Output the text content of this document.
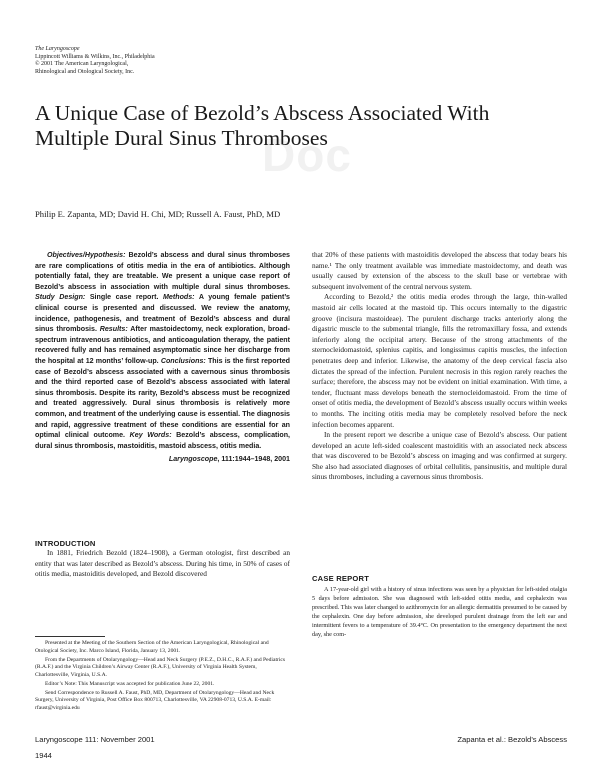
The Laryngoscope
Lippincott Williams & Wilkins, Inc., Philadelphia
© 2001 The American Laryngological,
Rhinological and Otological Society, Inc.
Doc
A Unique Case of Bezold’s Abscess Associated With Multiple Dural Sinus Thromboses
Philip E. Zapanta, MD; David H. Chi, MD; Russell A. Faust, PhD, MD

Objectives/Hypothesis: Bezold’s abscess and dural sinus thromboses are rare complications of otitis media in the era of antibiotics. Although potentially fatal, they are treatable. We present a unique case report of Bezold’s abscess in association with multiple dural sinus thromboses. Study Design: Single case report. Methods: A young female patient’s clinical course is presented and discussed. We review the anatomy, incidence, pathogenesis, and treatment of Bezold’s abscess and dural sinus thrombosis. Results: After mastoidectomy, neck exploration, broad-spectrum intravenous antibiotics, and anticoagulation therapy, the patient recovered fully and has remained asymptomatic since her discharge from the hospital at 12 months’ follow-up. Conclusions: This is the first reported case of Bezold’s abscess associated with a cavernous sinus thrombosis and the third reported case of Bezold’s abscess associated with lateral sinus thrombosis. Despite its rarity, Bezold’s abscess must be recognized and treated aggressively. Dural sinus thrombosis is relatively more common, and treatment of the underlying cause is essential. The diagnosis and rapid, aggressive treatment of these conditions are essential for an optimal clinical outcome. Key Words: Bezold’s abscess, complication, dural sinus thrombosis, mastoiditis, mastoid abscess, otitis media.

Laryngoscope, 111:1944–1948, 2001
INTRODUCTION

In 1881, Friedrich Bezold (1824–1908), a German otologist, first described an entity that was later described as Bezold’s abscess. During his time, in 50% of cases of otitis media, mastoiditis developed, and Bezold discovered

Presented at the Meeting of the Southern Section of the American Laryngological, Rhinological and Otological Society, Inc. Marco Island, Florida, January 13, 2001.

From the Departments of Otolaryngology—Head and Neck Surgery (P.E.Z., D.H.C., R.A.F.) and Pediatrics (R.A.F.) and the Virginia Children’s Airway Center (R.A.F.), University of Virginia Health System, Charlottesville, Virginia, U.S.A.

Editor’s Note: This Manuscript was accepted for publication June 22, 2001.

Send Correspondence to Russell A. Faust, PhD, MD, Department of Otolaryngology—Head and Neck Surgery, University of Virginia, Post Office Box 800713, Charlottesville, VA 22908-0713, U.S.A. E-mail: rfaust@virginia.edu

that 20% of these patients with mastoiditis developed the abscess that today bears his name.¹ The only treatment available was immediate mastoidectomy, and death was usually caused by extension of the abscess to the skull base or vertebrae with subsequent involvement of the central nervous system.

According to Bezold,² the otitis media erodes through the large, thin-walled mastoid air cells located at the mastoid tip. This occurs internally to the digastric groove (incisura mastoideae). The purulent discharge tracks anteriorly along the digastric muscle to the submental triangle, fills the retromaxillary fossa, and extends inferiorly along the occipital artery. Because of the strong attachments of the sternocleidomastoid, splenius capitis, and longissimus capitis muscles, the infection penetrates deep and inferior. Likewise, the anatomy of the deep cervical fascia also dictates the spread of the infection. Purulent necrosis in this region rarely reaches the surface; therefore, the abscess may not be evident on initial examination. With time, a tender, fluctuant mass develops beneath the sternocleidomastoid. From the time of onset of otitis media, the development of Bezold’s abscess usually occurs within weeks to months. The inciting otitis media may be completely resolved before the neck infection becomes apparent.

In the present report we describe a unique case of Bezold’s abscess. Our patient developed an acute left-sided coalescent mastoiditis with an associated neck abscess that was discovered to be Bezold’s abscess on imaging and was confirmed at surgery. She also had associated diagnoses of orbital cellulitis, pansinusitis, and multiple dural sinus thromboses, including a cavernous sinus thrombosis.

CASE REPORT

A 17-year-old girl with a history of sinus infections was seen by a physician for left-sided otalgia 5 days before admission. She was diagnosed with left-sided otitis media, and cephalexin was prescribed. This was later changed to azithromycin for an allergic dermatitis presumed to be caused by the cephalexin. One day before admission, she developed purulent drainage from the left ear and intermittent fevers to a temperature of 39.4°C. On presentation to the emergency department the next day, she com-

Laryngoscope 111: November 2001	Zapanta et al.: Bezold’s Abscess
1944
